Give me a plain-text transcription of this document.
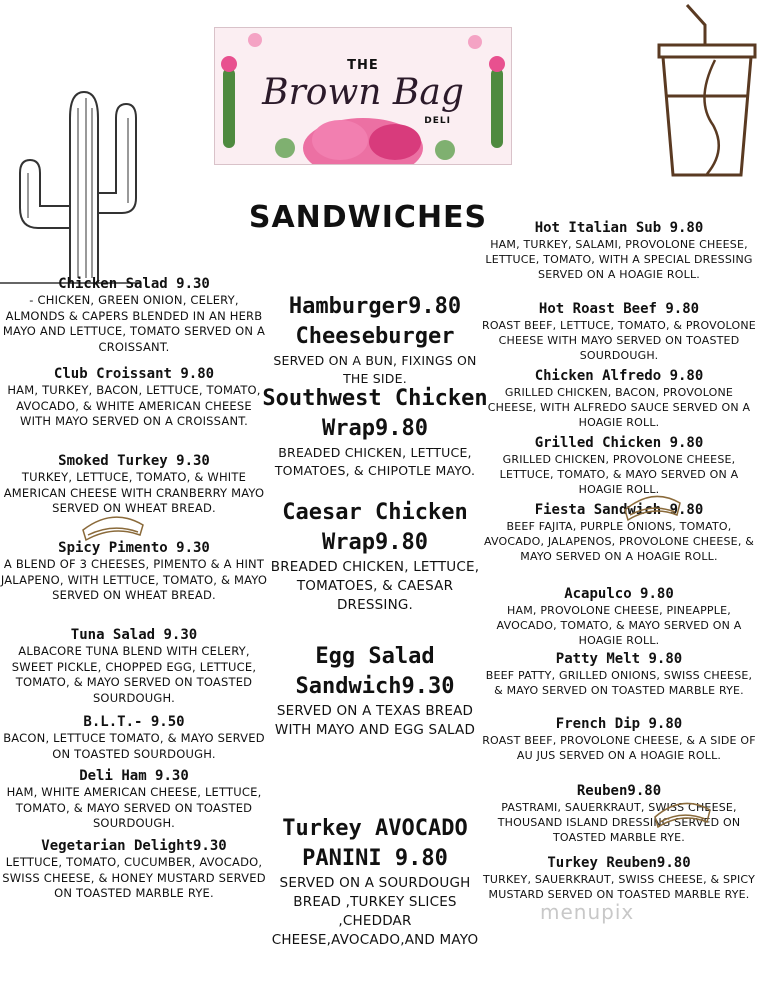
THE
Brown Bag
DELI
SANDWICHES
Chicken Salad 9.30
- CHICKEN, GREEN ONION, CELERY, ALMONDS & CAPERS BLENDED IN AN HERB MAYO AND LETTUCE, TOMATO SERVED ON A CROISSANT.
Club Croissant 9.80
HAM, TURKEY, BACON, LETTUCE, TOMATO, AVOCADO, & WHITE AMERICAN CHEESE WITH MAYO SERVED ON A CROISSANT.
Smoked Turkey 9.30
TURKEY, LETTUCE, TOMATO, & WHITE AMERICAN CHEESE WITH CRANBERRY MAYO SERVED ON WHEAT BREAD.
Spicy Pimento 9.30
A BLEND OF 3 CHEESES, PIMENTO & A HINT JALAPENO, WITH LETTUCE, TOMATO, & MAYO SERVED ON WHEAT BREAD.
Tuna Salad 9.30
ALBACORE TUNA BLEND WITH CELERY, SWEET PICKLE, CHOPPED EGG, LETTUCE, TOMATO, & MAYO SERVED ON TOASTED SOURDOUGH.
B.L.T.- 9.50
BACON, LETTUCE TOMATO, & MAYO SERVED ON TOASTED SOURDOUGH.
Deli Ham 9.30
HAM, WHITE AMERICAN CHEESE, LETTUCE, TOMATO, & MAYO SERVED ON TOASTED SOURDOUGH.
Vegetarian Delight9.30
LETTUCE, TOMATO, CUCUMBER, AVOCADO, SWISS CHEESE, & HONEY MUSTARD SERVED ON TOASTED MARBLE RYE.
Hamburger9.80 Cheeseburger
SERVED ON A BUN, FIXINGS ON THE SIDE.
Southwest Chicken Wrap9.80
BREADED CHICKEN, LETTUCE, TOMATOES, & CHIPOTLE MAYO.
Caesar Chicken Wrap9.80
BREADED CHICKEN, LETTUCE, TOMATOES, & CAESAR DRESSING.
Egg Salad Sandwich9.30
SERVED ON A TEXAS BREAD WITH MAYO AND EGG SALAD
Turkey AVOCADO PANINI 9.80
SERVED ON A SOURDOUGH BREAD ,TURKEY SLICES ,CHEDDAR CHEESE,AVOCADO,AND MAYO
Hot Italian Sub 9.80
HAM, TURKEY, SALAMI, PROVOLONE CHEESE, LETTUCE, TOMATO, WITH A SPECIAL DRESSING SERVED ON A HOAGIE ROLL.
Hot Roast Beef 9.80
ROAST BEEF, LETTUCE, TOMATO, & PROVOLONE CHEESE WITH MAYO SERVED ON TOASTED SOURDOUGH.
Chicken Alfredo 9.80
GRILLED CHICKEN, BACON, PROVOLONE CHEESE, WITH ALFREDO SAUCE SERVED ON A HOAGIE ROLL.
Grilled Chicken 9.80
GRILLED CHICKEN, PROVOLONE CHEESE, LETTUCE, TOMATO, & MAYO SERVED ON A HOAGIE ROLL.
Fiesta Sandwich 9.80
BEEF FAJITA, PURPLE ONIONS, TOMATO, AVOCADO, JALAPENOS, PROVOLONE CHEESE, & MAYO SERVED ON A HOAGIE ROLL.
Acapulco 9.80
HAM, PROVOLONE CHEESE, PINEAPPLE, AVOCADO, TOMATO, & MAYO SERVED ON A HOAGIE ROLL.
Patty Melt 9.80
BEEF PATTY, GRILLED ONIONS, SWISS CHEESE, & MAYO SERVED ON TOASTED MARBLE RYE.
French Dip 9.80
ROAST BEEF, PROVOLONE CHEESE, & A SIDE OF AU JUS SERVED ON A HOAGIE ROLL.
Reuben9.80
PASTRAMI, SAUERKRAUT, SWISS CHEESE, THOUSAND ISLAND DRESSING SERVED ON TOASTED MARBLE RYE.
Turkey Reuben9.80
TURKEY, SAUERKRAUT, SWISS CHEESE, & SPICY MUSTARD SERVED ON TOASTED MARBLE RYE.
menupix
